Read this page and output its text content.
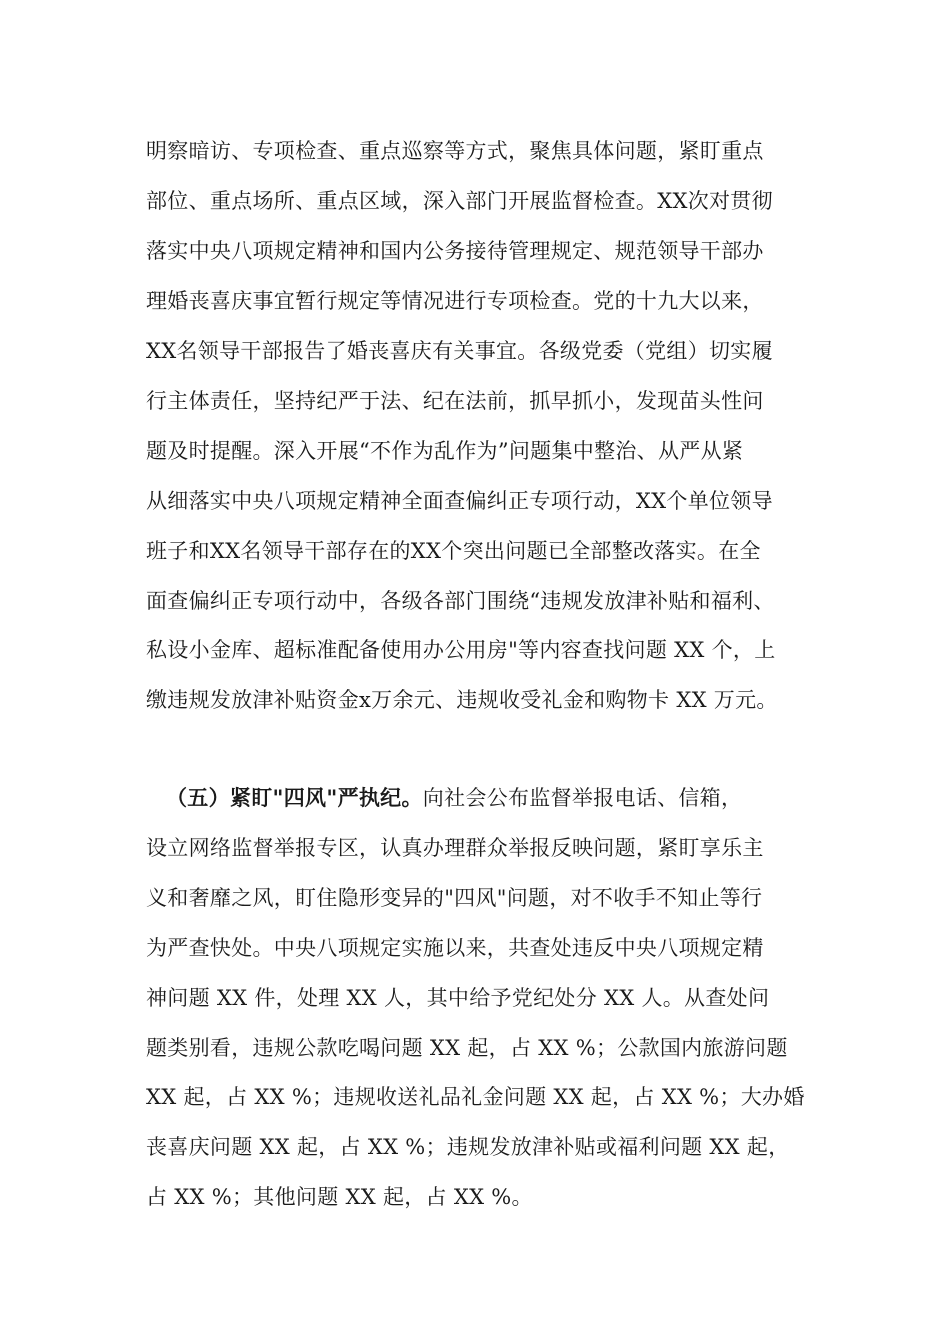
明察暗访、专项检查、重点巡察等方式，聚焦具体问题，紧盯重点
部位、重点场所、重点区域，深入部门开展监督检查。XX次对贯彻
落实中央八项规定精神和国内公务接待管理规定、规范领导干部办
理婚丧喜庆事宜暂行规定等情况进行专项检查。党的十九大以来，
XX名领导干部报告了婚丧喜庆有关事宜。各级党委（党组）切实履
行主体责任，坚持纪严于法、纪在法前，抓早抓小，发现苗头性问
题及时提醒。深入开展“不作为乱作为”问题集中整治、从严从紧
从细落实中央八项规定精神全面查偏纠正专项行动，XX个单位领导
班子和XX名领导干部存在的XX个突出问题已全部整改落实。在全
面查偏纠正专项行动中，各级各部门围绕“违规发放津补贴和福利、
私设小金库、超标准配备使用办公用房"等内容查找问题 XX 个，上
缴违规发放津补贴资金x万余元、违规收受礼金和购物卡 XX 万元。
（五）紧盯"四风"严执纪。向社会公布监督举报电话、信箱，
设立网络监督举报专区，认真办理群众举报反映问题，紧盯享乐主
义和奢靡之风，盯住隐形变异的"四风"问题，对不收手不知止等行
为严查快处。中央八项规定实施以来，共查处违反中央八项规定精
神问题 XX 件，处理 XX 人，其中给予党纪处分 XX 人。从查处问
题类别看，违规公款吃喝问题 XX 起，占 XX %；公款国内旅游问题
XX 起，占 XX %；违规收送礼品礼金问题 XX 起，占 XX %；大办婚
丧喜庆问题 XX 起，占 XX %；违规发放津补贴或福利问题 XX 起，
占 XX %；其他问题 XX 起，占 XX %。
